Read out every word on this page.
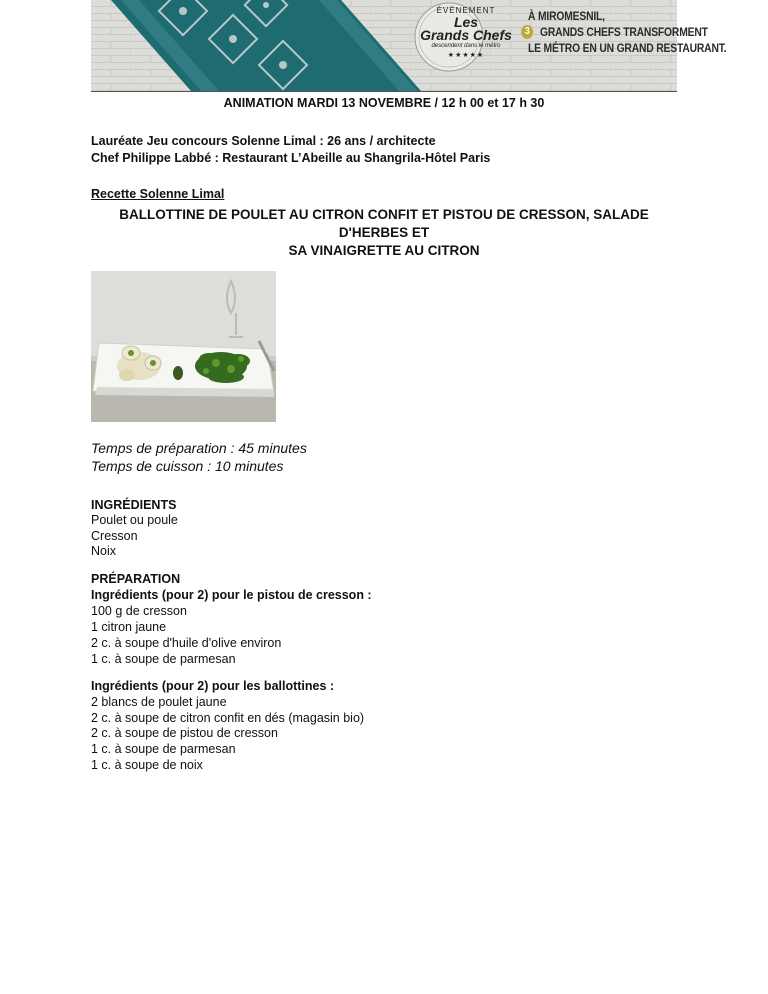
ÉVÉNEMENT
Les
Grands Chefs
descendent dans le métro
★★★★★
À MIROMESNIL,
3 GRANDS CHEFS TRANSFORMENT
LE MÉTRO EN UN GRAND RESTAURANT.
ANIMATION MARDI 13 NOVEMBRE / 12 h 00 et 17 h 30
Lauréate Jeu concours Solenne Limal : 26 ans / architecte
Chef Philippe Labbé : Restaurant L’Abeille au Shangrila-Hôtel Paris
Recette Solenne Limal
BALLOTTINE DE POULET AU CITRON CONFIT ET PISTOU DE CRESSON, SALADE D'HERBES ET
SA VINAIGRETTE AU CITRON
Temps de préparation : 45 minutes
Temps de cuisson : 10 minutes
INGRÉDIENTS
Poulet ou poule
Cresson
Noix
PRÉPARATION
Ingrédients (pour 2) pour le pistou de cresson :
100 g de cresson
1 citron jaune
2 c. à soupe d'huile d'olive environ
1 c. à soupe de parmesan
Ingrédients (pour 2) pour les ballottines :
2 blancs de poulet jaune
2 c. à soupe de citron confit en dés (magasin bio)
2 c. à soupe de pistou de cresson
1 c. à soupe de parmesan
1 c. à soupe de noix
